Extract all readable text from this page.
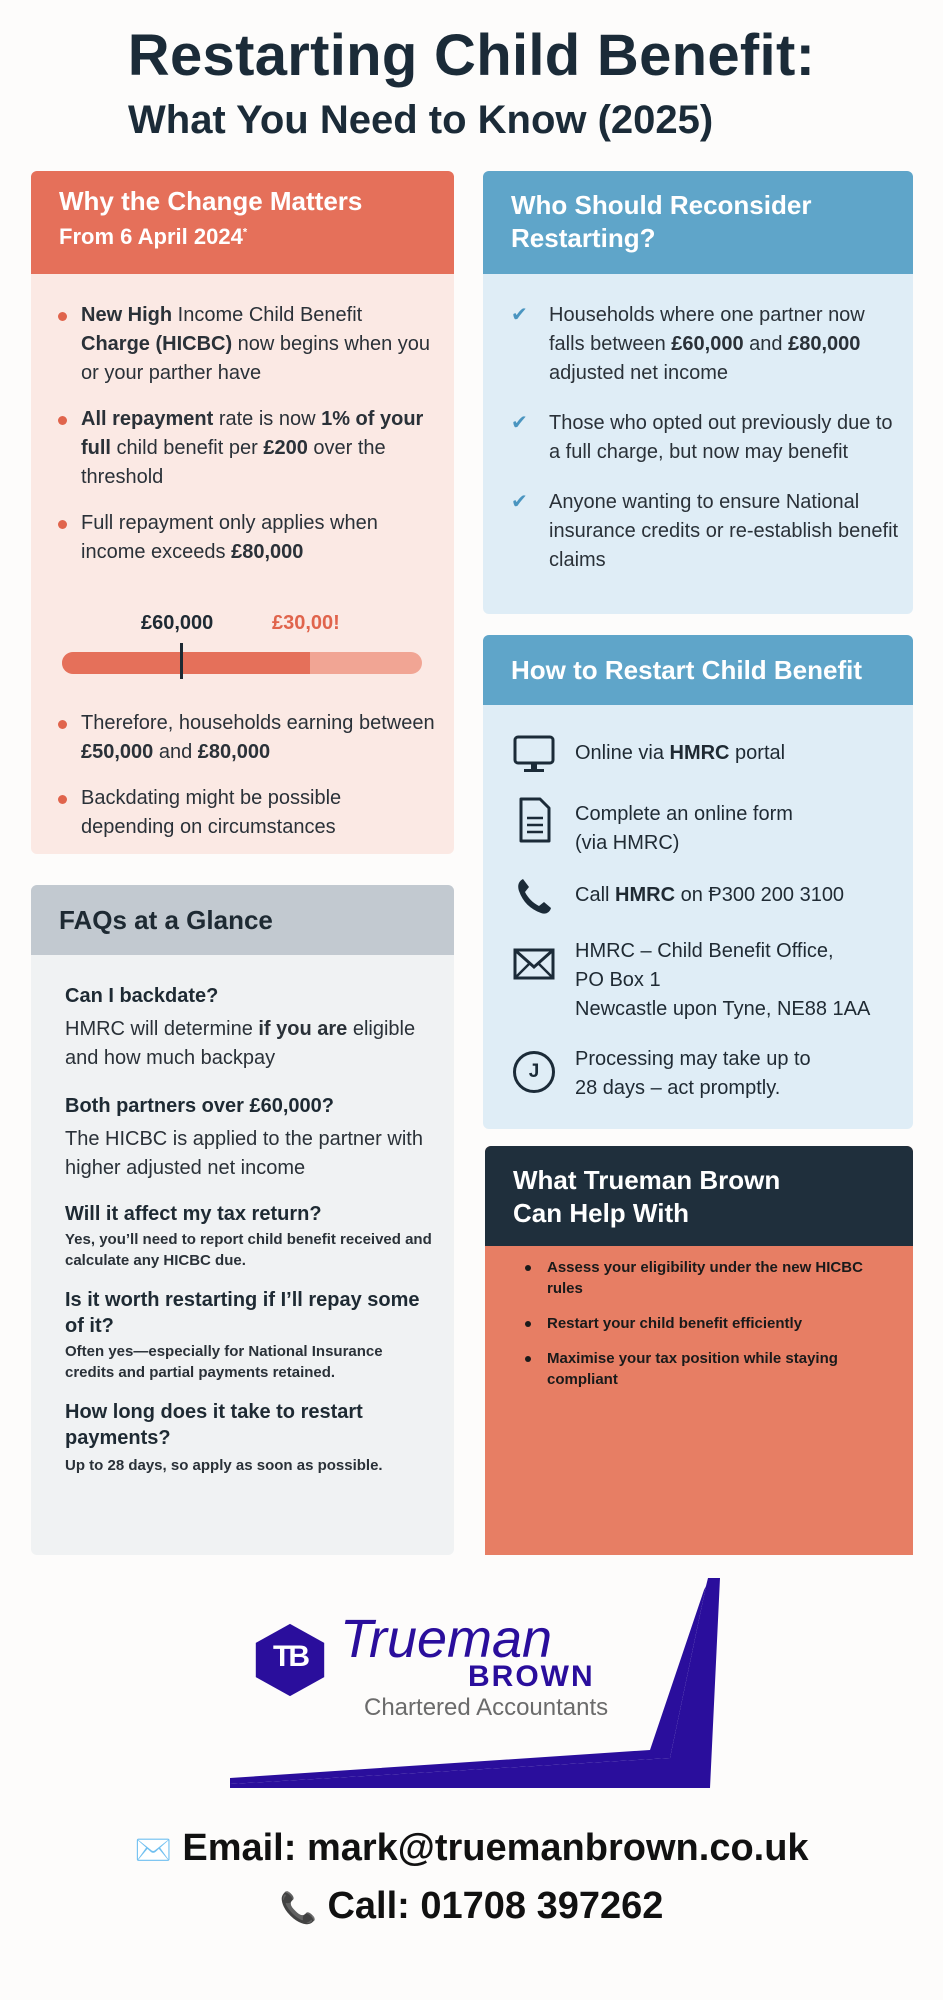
Restarting Child Benefit:
What You Need to Know (2025)
Why the Change Matters
From 6 April 2024*
New High Income Child Benefit Charge (HICBC) now begins when you or your parther have
All repayment rate is now 1% of your full child benefit per £200 over the threshold
Full repayment only applies when income exceeds £80,000
£60,000	£30,00!
Therefore, households earning between £50,000 and £80,000
Backdating might be possible depending on circumstances
Who Should Reconsider Restarting?
✔ Households where one partner now falls between £60,000 and £80,000 adjusted net income
✔ Those who opted out previously due to a full charge, but now may benefit
✔ Anyone wanting to ensure National insurance credits or re-establish benefit claims
How to Restart Child Benefit
Online via HMRC portal
Complete an online form (via HMRC)
Call HMRC on Ᵽ300 200 3100
HMRC – Child Benefit Office,
PO Box 1
Newcastle upon Tyne, NE88 1AA
J
Processing may take up to
28 days – act promptly.
FAQs at a Glance
Can I backdate?
HMRC will determine if you are eligible and how much backpay
Both partners over £60,000?
The HICBC is applied to the partner with higher adjusted net income
Will it affect my tax return?
Yes, you’ll need to report child benefit received and calculate any HICBC due.
Is it worth restarting if I’ll repay some of it?
Often yes—especially for National Insurance credits and partial payments retained.
How long does it take to restart payments?
Up to 28 days, so apply as soon as possible.
What Trueman Brown
Can Help With
Assess your eligibility under the new HICBC rules
Restart your child benefit efficiently
Maximise your tax position while staying compliant
TB Trueman
BROWN
Chartered Accountants
✉️ Email: mark@truemanbrown.co.uk
📞 Call: 01708 397262
